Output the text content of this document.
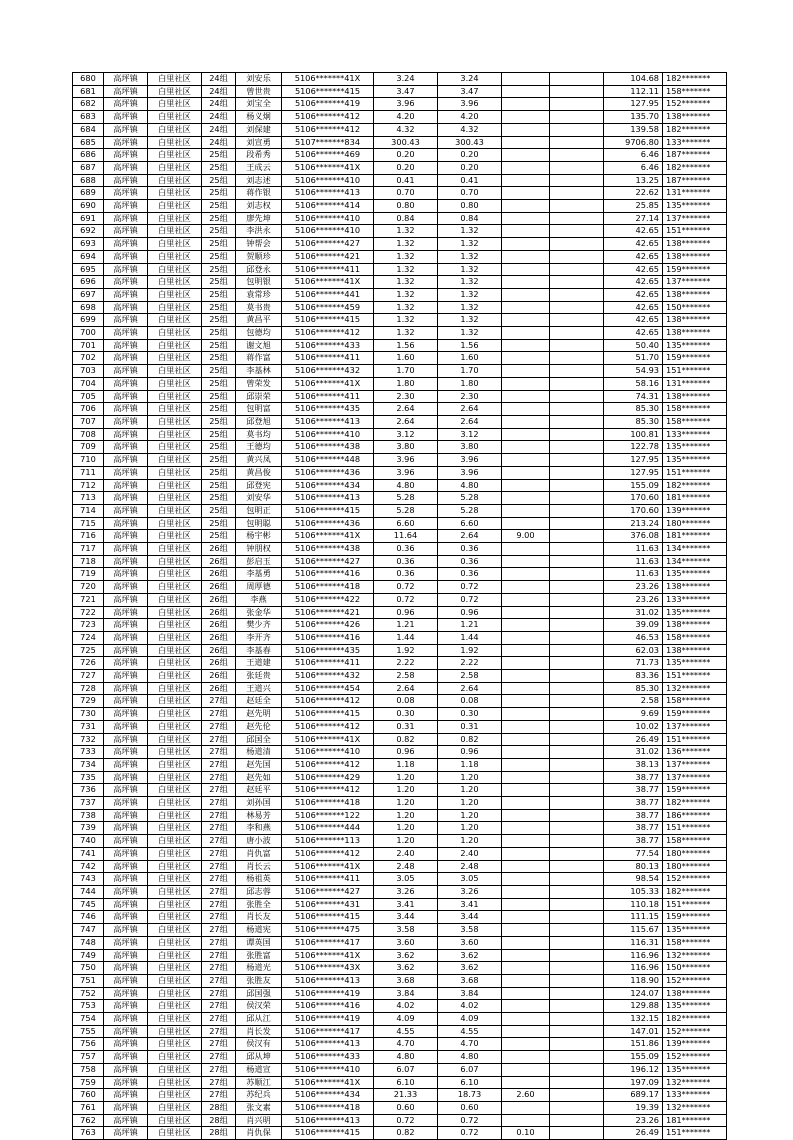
680	高坪镇	白里社区	24组	刘安乐	5106*******41X	3.24	3.24			104.68	182*******
681	高坪镇	白里社区	24组	曾世贵	5106*******415	3.47	3.47			112.11	158*******
682	高坪镇	白里社区	24组	刘宝全	5106*******419	3.96	3.96			127.95	152*******
683	高坪镇	白里社区	24组	杨义炯	5106*******412	4.20	4.20			135.70	138*******
684	高坪镇	白里社区	24组	刘保建	5106*******412	4.32	4.32			139.58	182*******
685	高坪镇	白里社区	24组	刘宣勇	5107*******834	300.43	300.43			9706.80	133*******
686	高坪镇	白里社区	25组	段希秀	5106*******469	0.20	0.20			6.46	187*******
687	高坪镇	白里社区	25组	王成云	5106*******41X	0.20	0.20			6.46	182*******
688	高坪镇	白里社区	25组	刘志述	5106*******410	0.41	0.41			13.25	187*******
689	高坪镇	白里社区	25组	蒋作银	5106*******413	0.70	0.70			22.62	131*******
690	高坪镇	白里社区	25组	刘志权	5106*******414	0.80	0.80			25.85	135*******
691	高坪镇	白里社区	25组	廖先坤	5106*******410	0.84	0.84			27.14	137*******
692	高坪镇	白里社区	25组	李洪永	5106*******410	1.32	1.32			42.65	151*******
693	高坪镇	白里社区	25组	钟帮会	5106*******427	1.32	1.32			42.65	138*******
694	高坪镇	白里社区	25组	贺顺珍	5106*******421	1.32	1.32			42.65	138*******
695	高坪镇	白里社区	25组	邱登永	5106*******411	1.32	1.32			42.65	159*******
696	高坪镇	白里社区	25组	包明银	5106*******41X	1.32	1.32			42.65	137*******
697	高坪镇	白里社区	25组	袁常珍	5106*******441	1.32	1.32			42.65	138*******
698	高坪镇	白里社区	25组	莫书贵	5106*******459	1.32	1.32			42.65	150*******
699	高坪镇	白里社区	25组	黄昌平	5106*******415	1.32	1.32			42.65	138*******
700	高坪镇	白里社区	25组	包德均	5106*******412	1.32	1.32			42.65	138*******
701	高坪镇	白里社区	25组	谢文旭	5106*******433	1.56	1.56			50.40	135*******
702	高坪镇	白里社区	25组	蒋作富	5106*******411	1.60	1.60			51.70	159*******
703	高坪镇	白里社区	25组	李基林	5106*******432	1.70	1.70			54.93	151*******
704	高坪镇	白里社区	25组	曾荣发	5106*******41X	1.80	1.80			58.16	131*******
705	高坪镇	白里社区	25组	邱崇荣	5106*******411	2.30	2.30			74.31	138*******
706	高坪镇	白里社区	25组	包明富	5106*******435	2.64	2.64			85.30	158*******
707	高坪镇	白里社区	25组	邱登旭	5106*******413	2.64	2.64			85.30	158*******
708	高坪镇	白里社区	25组	莫书均	5106*******410	3.12	3.12			100.81	133*******
709	高坪镇	白里社区	25组	王德均	5106*******438	3.80	3.80			122.78	135*******
710	高坪镇	白里社区	25组	黄兴凤	5106*******448	3.96	3.96			127.95	135*******
711	高坪镇	白里社区	25组	黄昌俊	5106*******436	3.96	3.96			127.95	151*******
712	高坪镇	白里社区	25组	邱登宪	5106*******434	4.80	4.80			155.09	182*******
713	高坪镇	白里社区	25组	刘安华	5106*******413	5.28	5.28			170.60	181*******
714	高坪镇	白里社区	25组	包明正	5106*******415	5.28	5.28			170.60	139*******
715	高坪镇	白里社区	25组	包明聪	5106*******436	6.60	6.60			213.24	180*******
716	高坪镇	白里社区	25组	杨宇彬	5106*******41X	11.64	2.64	9.00		376.08	181*******
717	高坪镇	白里社区	26组	钟朋权	5106*******438	0.36	0.36			11.63	134*******
718	高坪镇	白里社区	26组	彭启玉	5106*******427	0.36	0.36			11.63	134*******
719	高坪镇	白里社区	26组	李基勇	5106*******416	0.36	0.36			11.63	135*******
720	高坪镇	白里社区	26组	周厚德	5106*******418	0.72	0.72			23.26	138*******
721	高坪镇	白里社区	26组	李燕	5106*******422	0.72	0.72			23.26	133*******
722	高坪镇	白里社区	26组	张金华	5106*******421	0.96	0.96			31.02	135*******
723	高坪镇	白里社区	26组	樊少齐	5106*******426	1.21	1.21			39.09	138*******
724	高坪镇	白里社区	26组	李开齐	5106*******416	1.44	1.44			46.53	158*******
725	高坪镇	白里社区	26组	李基春	5106*******435	1.92	1.92			62.03	138*******
726	高坪镇	白里社区	26组	王道建	5106*******411	2.22	2.22			71.73	135*******
727	高坪镇	白里社区	26组	张廷贵	5106*******432	2.58	2.58			83.36	151*******
728	高坪镇	白里社区	26组	王道兴	5106*******454	2.64	2.64			85.30	132*******
729	高坪镇	白里社区	27组	赵廷全	5106*******412	0.08	0.08			2.58	158*******
730	高坪镇	白里社区	27组	赵先明	5106*******415	0.30	0.30			9.69	159*******
731	高坪镇	白里社区	27组	赵先伦	5106*******412	0.31	0.31			10.02	137*******
732	高坪镇	白里社区	27组	邱国全	5106*******41X	0.82	0.82			26.49	151*******
733	高坪镇	白里社区	27组	杨道清	5106*******410	0.96	0.96			31.02	136*******
734	高坪镇	白里社区	27组	赵先国	5106*******412	1.18	1.18			38.13	137*******
735	高坪镇	白里社区	27组	赵先如	5106*******429	1.20	1.20			38.77	137*******
736	高坪镇	白里社区	27组	赵廷平	5106*******412	1.20	1.20			38.77	159*******
737	高坪镇	白里社区	27组	刘孙国	5106*******418	1.20	1.20			38.77	182*******
738	高坪镇	白里社区	27组	林易芳	5106*******122	1.20	1.20			38.77	186*******
739	高坪镇	白里社区	27组	李和燕	5106*******444	1.20	1.20			38.77	151*******
740	高坪镇	白里社区	27组	唐小波	5106*******113	1.20	1.20			38.77	158*******
741	高坪镇	白里社区	27组	肖仇富	5106*******412	2.40	2.40			77.54	180*******
742	高坪镇	白里社区	27组	肖长云	5106*******41X	2.48	2.48			80.13	180*******
743	高坪镇	白里社区	27组	杨祖英	5106*******411	3.05	3.05			98.54	152*******
744	高坪镇	白里社区	27组	邱志蓉	5106*******427	3.26	3.26			105.33	182*******
745	高坪镇	白里社区	27组	张胜全	5106*******431	3.41	3.41			110.18	151*******
746	高坪镇	白里社区	27组	肖长友	5106*******415	3.44	3.44			111.15	159*******
747	高坪镇	白里社区	27组	杨道宪	5106*******475	3.58	3.58			115.67	135*******
748	高坪镇	白里社区	27组	谭英国	5106*******417	3.60	3.60			116.31	158*******
749	高坪镇	白里社区	27组	张胜富	5106*******41X	3.62	3.62			116.96	132*******
750	高坪镇	白里社区	27组	杨道光	5106*******43X	3.62	3.62			116.96	150*******
751	高坪镇	白里社区	27组	张胜友	5106*******413	3.68	3.68			118.90	152*******
752	高坪镇	白里社区	27组	邱国强	5106*******419	3.84	3.84			124.07	138*******
753	高坪镇	白里社区	27组	侯汉荣	5106*******416	4.02	4.02			129.88	135*******
754	高坪镇	白里社区	27组	邱从江	5106*******419	4.09	4.09			132.15	182*******
755	高坪镇	白里社区	27组	肖长发	5106*******417	4.55	4.55			147.01	152*******
756	高坪镇	白里社区	27组	侯汉有	5106*******413	4.70	4.70			151.86	139*******
757	高坪镇	白里社区	27组	邱从坤	5106*******433	4.80	4.80			155.09	152*******
758	高坪镇	白里社区	27组	杨道宣	5106*******410	6.07	6.07			196.12	135*******
759	高坪镇	白里社区	27组	苏顺江	5106*******41X	6.10	6.10			197.09	132*******
760	高坪镇	白里社区	27组	苏纪兵	5106*******434	21.33	18.73	2.60		689.17	133*******
761	高坪镇	白里社区	28组	张文素	5106*******418	0.60	0.60			19.39	132*******
762	高坪镇	白里社区	28组	肖兴明	5106*******413	0.72	0.72			23.26	181*******
763	高坪镇	白里社区	28组	肖仇保	5106*******415	0.82	0.72	0.10		26.49	151*******
